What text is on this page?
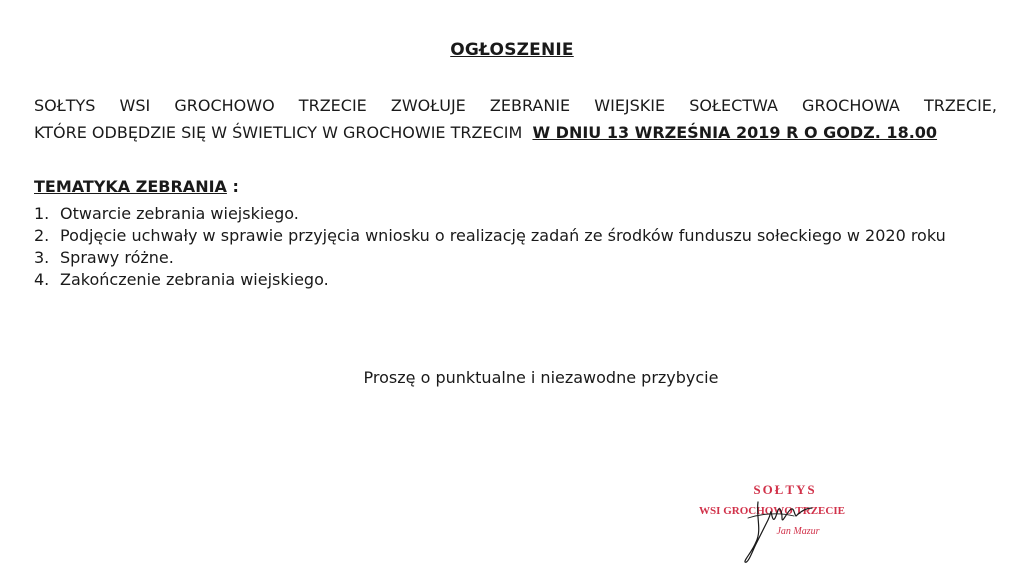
OGŁOSZENIE
SOŁTYS WSI GROCHOWO TRZECIE ZWOŁUJE ZEBRANIE WIEJSKIE SOŁECTWA GROCHOWA TRZECIE,
KTÓRE ODBĘDZIE SIĘ W ŚWIETLICY W GROCHOWIE TRZECIM W DNIU 13 WRZEŚNIA 2019 R O GODZ. 18.00
TEMATYKA ZEBRANIA :
1. Otwarcie zebrania wiejskiego.
2. Podjęcie uchwały w sprawie przyjęcia wniosku o realizację zadań ze środków funduszu sołeckiego w 2020 roku
3. Sprawy różne.
4. Zakończenie zebrania wiejskiego.
Proszę o punktualne i niezawodne przybycie
SOŁTYS
WSI GROCHOWO TRZECIE
Jan Mazur
